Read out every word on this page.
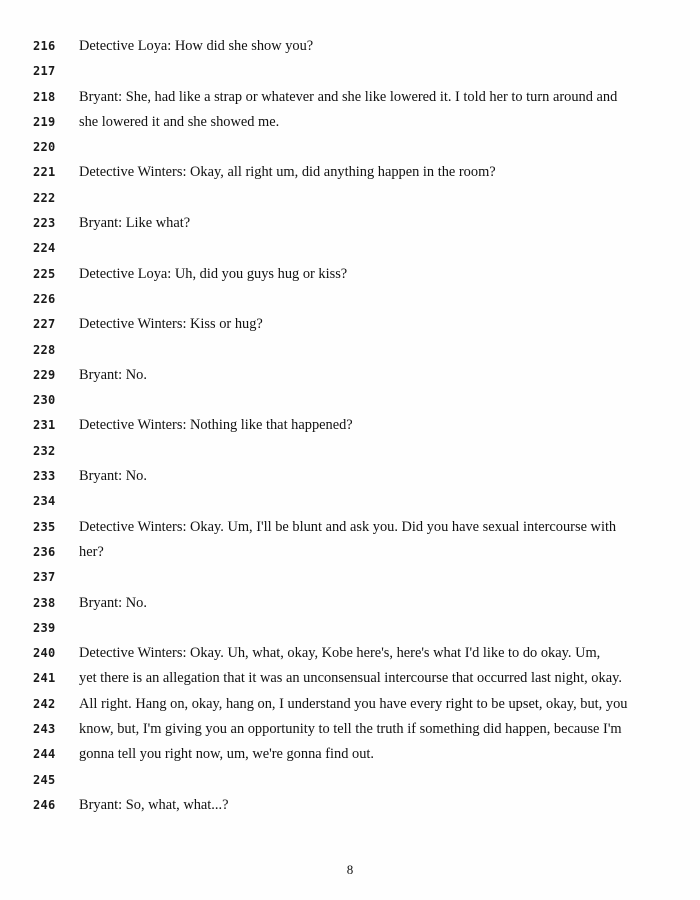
216	Detective Loya: How did she show you?
217
218	Bryant: She, had like a strap or whatever and she like lowered it. I told her to turn around and
219	she lowered it and she showed me.
220
221	Detective Winters: Okay, all right um, did anything happen in the room?
222
223	Bryant: Like what?
224
225	Detective Loya: Uh, did you guys hug or kiss?
226
227	Detective Winters: Kiss or hug?
228
229	Bryant: No.
230
231	Detective Winters: Nothing like that happened?
232
233	Bryant: No.
234
235	Detective Winters: Okay. Um, I'll be blunt and ask you. Did you have sexual intercourse with
236	her?
237
238	Bryant: No.
239
240	Detective Winters: Okay. Uh, what, okay, Kobe here's, here's what I'd like to do okay. Um,
241	yet there is an allegation that it was an unconsensual intercourse that occurred last night, okay.
242	All right. Hang on, okay, hang on, I understand you have every right to be upset, okay, but, you
243	know, but, I'm giving you an opportunity to tell the truth if something did happen, because I'm
244	gonna tell you right now, um, we're gonna find out.
245
246	Bryant: So, what, what...?
8
